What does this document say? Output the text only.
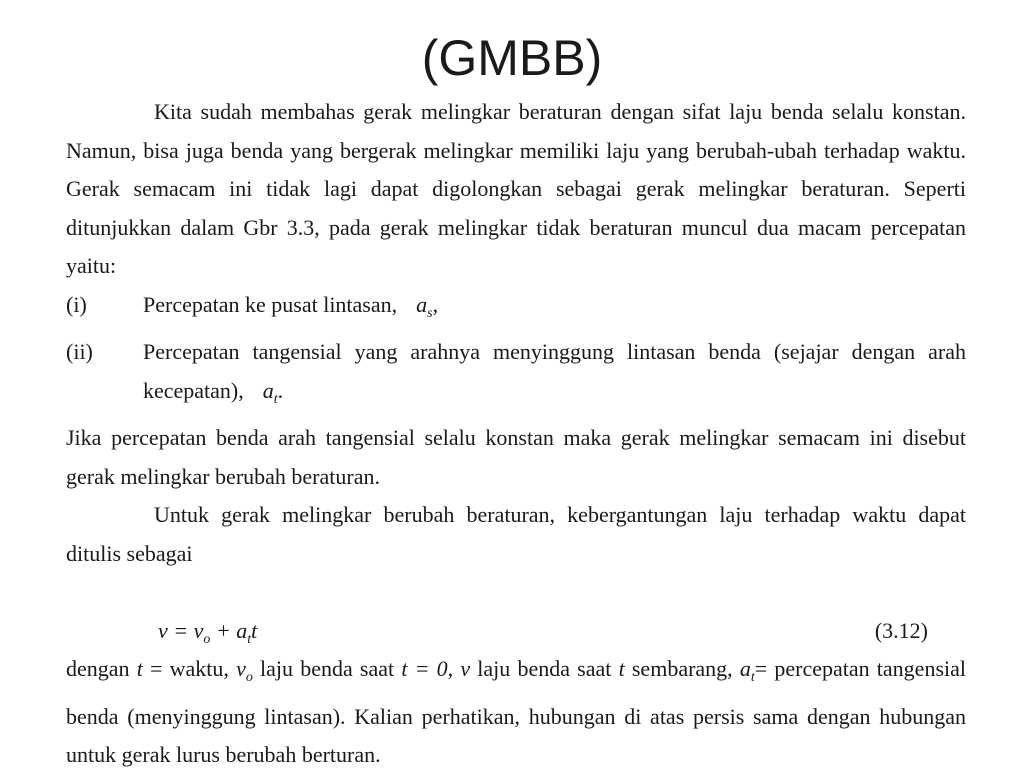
(GMBB)

Kita sudah membahas gerak melingkar beraturan dengan sifat laju benda selalu konstan. Namun, bisa juga benda yang bergerak melingkar memiliki laju yang berubah-ubah terhadap waktu. Gerak semacam ini tidak lagi dapat digolongkan sebagai gerak melingkar beraturan. Seperti ditunjukkan dalam Gbr 3.3, pada gerak melingkar tidak beraturan muncul dua macam percepatan yaitu:

(i)	Percepatan ke pusat lintasan, $a_s$,
(ii) Percepatan tangensial yang arahnya menyinggung lintasan benda (sejajar dengan arah kecepatan), $a_t$.

Jika percepatan benda arah tangensial selalu konstan maka gerak melingkar semacam ini disebut gerak melingkar berubah beraturan.

Untuk gerak melingkar berubah beraturan, kebergantungan laju terhadap waktu dapat ditulis sebagai

$v = v_o + a_tt$	(3.12)

dengan t = waktu, $v_o$ laju benda saat t = 0, v laju benda saat t sembarang, $a_t=$ percepatan tangensial benda (menyinggung lintasan). Kalian perhatikan, hubungan di atas persis sama dengan hubungan untuk gerak lurus berubah berturan.
